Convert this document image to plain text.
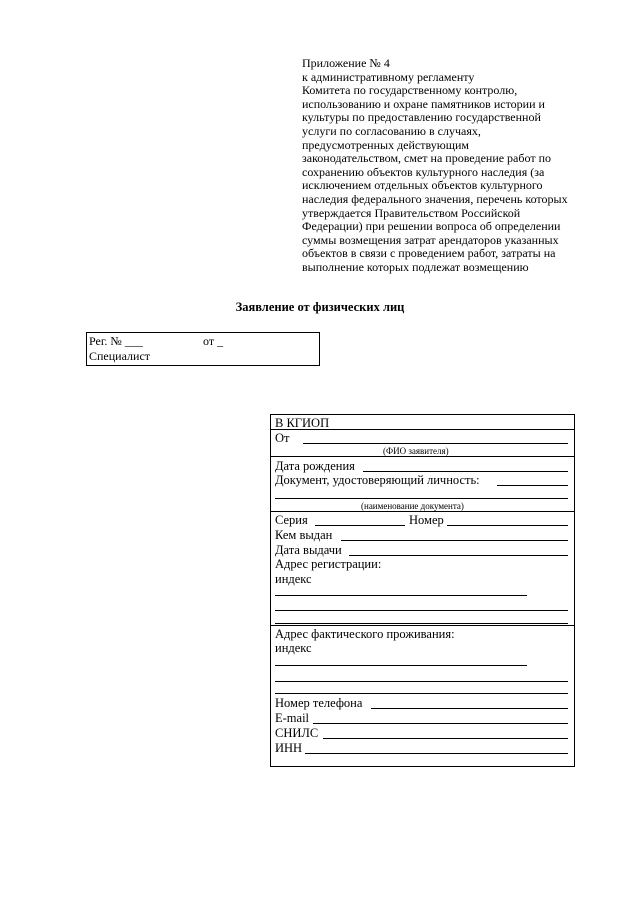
Приложение № 4
к административному регламенту
Комитета по государственному контролю,
использованию и охране памятников истории и
культуры по предоставлению государственной
услуги по согласованию в случаях,
предусмотренных действующим
законодательством, смет на проведение работ по
сохранению объектов культурного наследия (за
исключением отдельных объектов культурного
наследия федерального значения, перечень которых
утверждается Правительством Российской
Федерации) при решении вопроса об определении
суммы возмещения затрат арендаторов указанных
объектов в связи с проведением работ, затраты на
выполнение которых подлежат возмещению
Заявление от физических лиц
Рег. № ___	от _
Специалист
В КГИОП
От
(ФИО заявителя)
Дата рождения
Документ, удостоверяющий личность:
(наименование документа)
Серия	Номер
Кем выдан
Дата выдачи
Адрес регистрации:
индекс
Адрес фактического проживания:
индекс
Номер телефона
E-mail
СНИЛС
ИНН
